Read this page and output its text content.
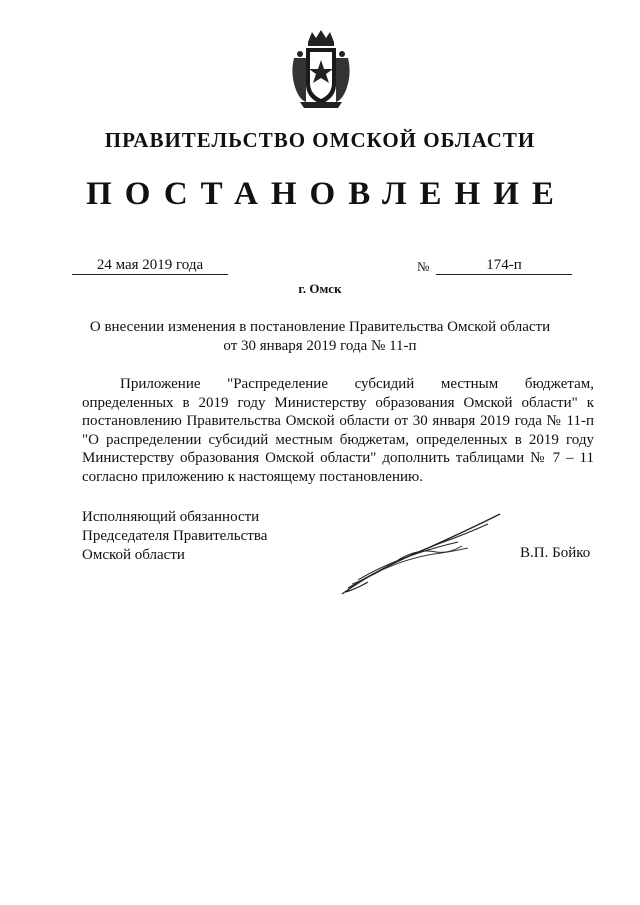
ПРАВИТЕЛЬСТВО ОМСКОЙ ОБЛАСТИ
ПОСТАНОВЛЕНИЕ
24 мая 2019 года	№	174-п
г. Омск
О внесении изменения в постановление Правительства Омской области
от 30 января 2019 года № 11-п
Приложение "Распределение субсидий местным бюджетам, определенных в 2019 году Министерству образования Омской области" к постановлению Правительства Омской области от 30 января 2019 года № 11-п "О распределении субсидий местным бюджетам, определенных в 2019 году Министерству образования Омской области" дополнить таблицами № 7 – 11 согласно приложению к настоящему постановлению.
Исполняющий обязанности
Председателя Правительства
Омской области	В.П. Бойко
